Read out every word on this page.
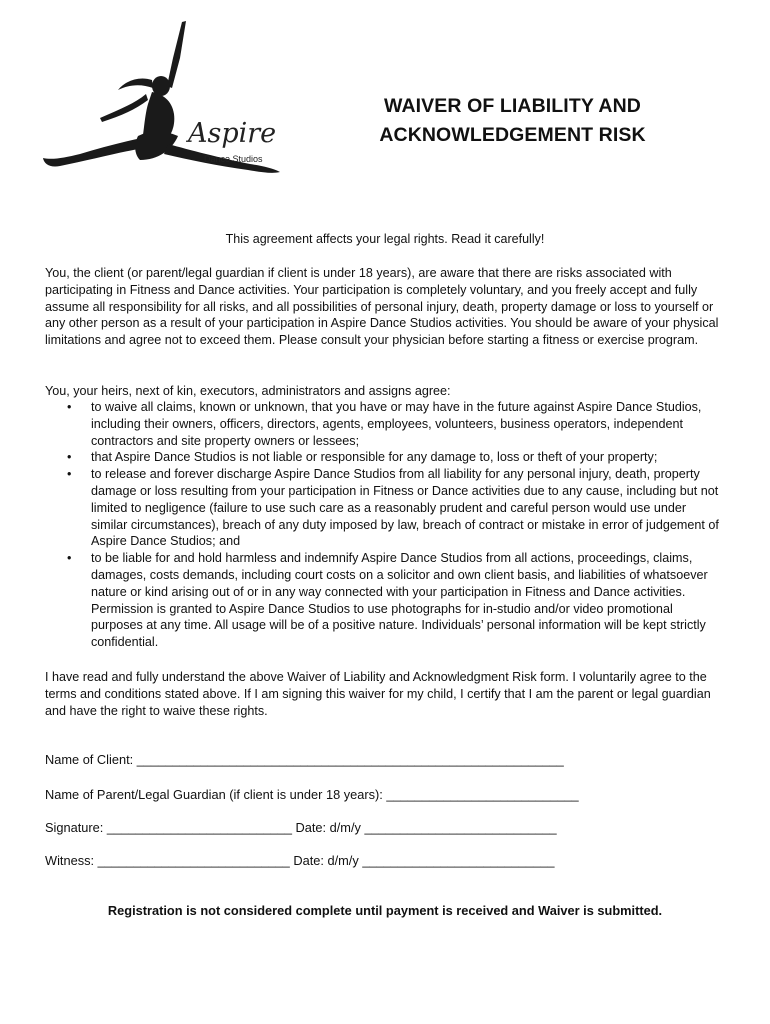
Aspire
Dance Studios
WAIVER OF LIABILITY AND
ACKNOWLEDGEMENT RISK
This agreement affects your legal rights. Read it carefully!

You, the client (or parent/legal guardian if client is under 18 years), are aware that there are risks associated with participating in Fitness and Dance activities. Your participation is completely voluntary, and you freely accept and fully assume all responsibility for all risks, and all possibilities of personal injury, death, property damage or loss to yourself or any other person as a result of your participation in Aspire Dance Studios activities. You should be aware of your physical limitations and agree not to exceed them. Please consult your physician before starting a fitness or exercise program.

You, your heirs, next of kin, executors, administrators and assigns agree:

• to waive all claims, known or unknown, that you have or may have in the future against Aspire Dance Studios, including their owners, officers, directors, agents, employees, volunteers, business operators, independent contractors and site property owners or lessees;
• that Aspire Dance Studios is not liable or responsible for any damage to, loss or theft of your property;
• to release and forever discharge Aspire Dance Studios from all liability for any personal injury, death, property damage or loss resulting from your participation in Fitness or Dance activities due to any cause, including but not limited to negligence (failure to use such care as a reasonably prudent and careful person would use under similar circumstances), breach of any duty imposed by law, breach of contract or mistake in error of judgement of Aspire Dance Studios; and
• to be liable for and hold harmless and indemnify Aspire Dance Studios from all actions, proceedings, claims, damages, costs demands, including court costs on a solicitor and own client basis, and liabilities of whatsoever nature or kind arising out of or in any way connected with your participation in Fitness and Dance activities. Permission is granted to Aspire Dance Studios to use photographs for in-studio and/or video promotional purposes at any time. All usage will be of a positive nature. Individuals’ personal information will be kept strictly confidential.

I have read and fully understand the above Waiver of Liability and Acknowledgment Risk form. I voluntarily agree to the terms and conditions stated above. If I am signing this waiver for my child, I certify that I am the parent or legal guardian and have the right to waive these rights.

Name of Client: ____________________________________________________________
Name of Parent/Legal Guardian (if client is under 18 years): ___________________________
Signature: __________________________ Date: d/m/y ___________________________
Witness: ___________________________ Date: d/m/y ___________________________
Registration is not considered complete until payment is received and Waiver is submitted.
